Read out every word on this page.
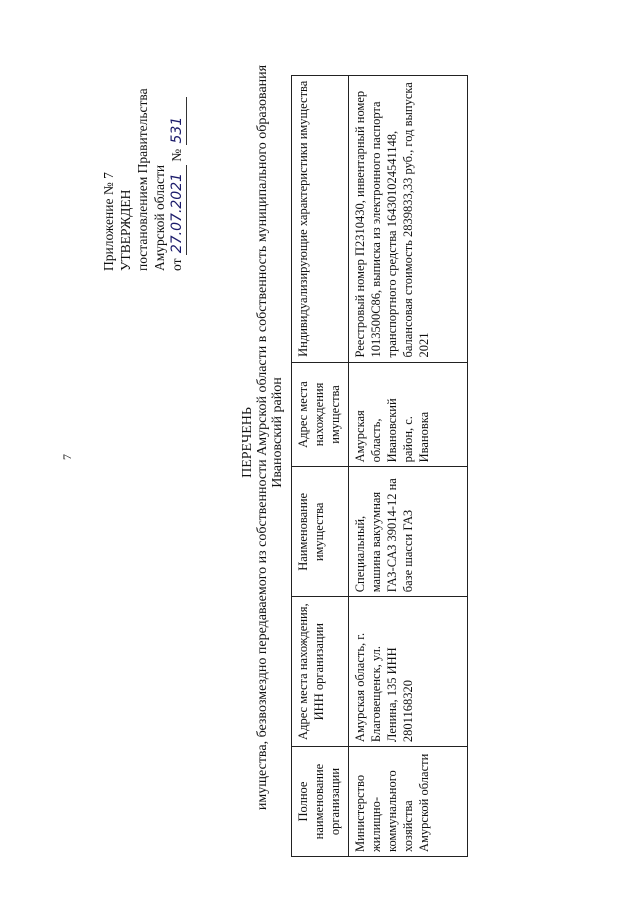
7
Приложение № 7 УТВЕРЖДЕН постановлением Правительства Амурской области от 27.07.2021 № 531
ПЕРЕЧЕНЬ имущества, безвозмездно передаваемого из собственности Амурской области в собственность муниципального образования Ивановский район
Полное наименование организации	Адрес места нахождения, ИНН организации	Наименование имущества	Адрес места нахождения имущества	Индивидуализирующие характеристики имущества
Министерство жилищно-коммунального хозяйства Амурской области	Амурская область, г. Благовещенск, ул. Ленина, 135 ИНН 2801168320	Специальный, машина вакуумная ГАЗ-САЗ 39014-12 на базе шасси ГАЗ	Амурская область, Ивановский район, с. Ивановка	Реестровый номер П2310430, инвентарный номер 1013500С86, выписка из электронного паспорта транспортного средства 164301024541148, балансовая стоимость 2839833,33 руб., год выпуска 2021
